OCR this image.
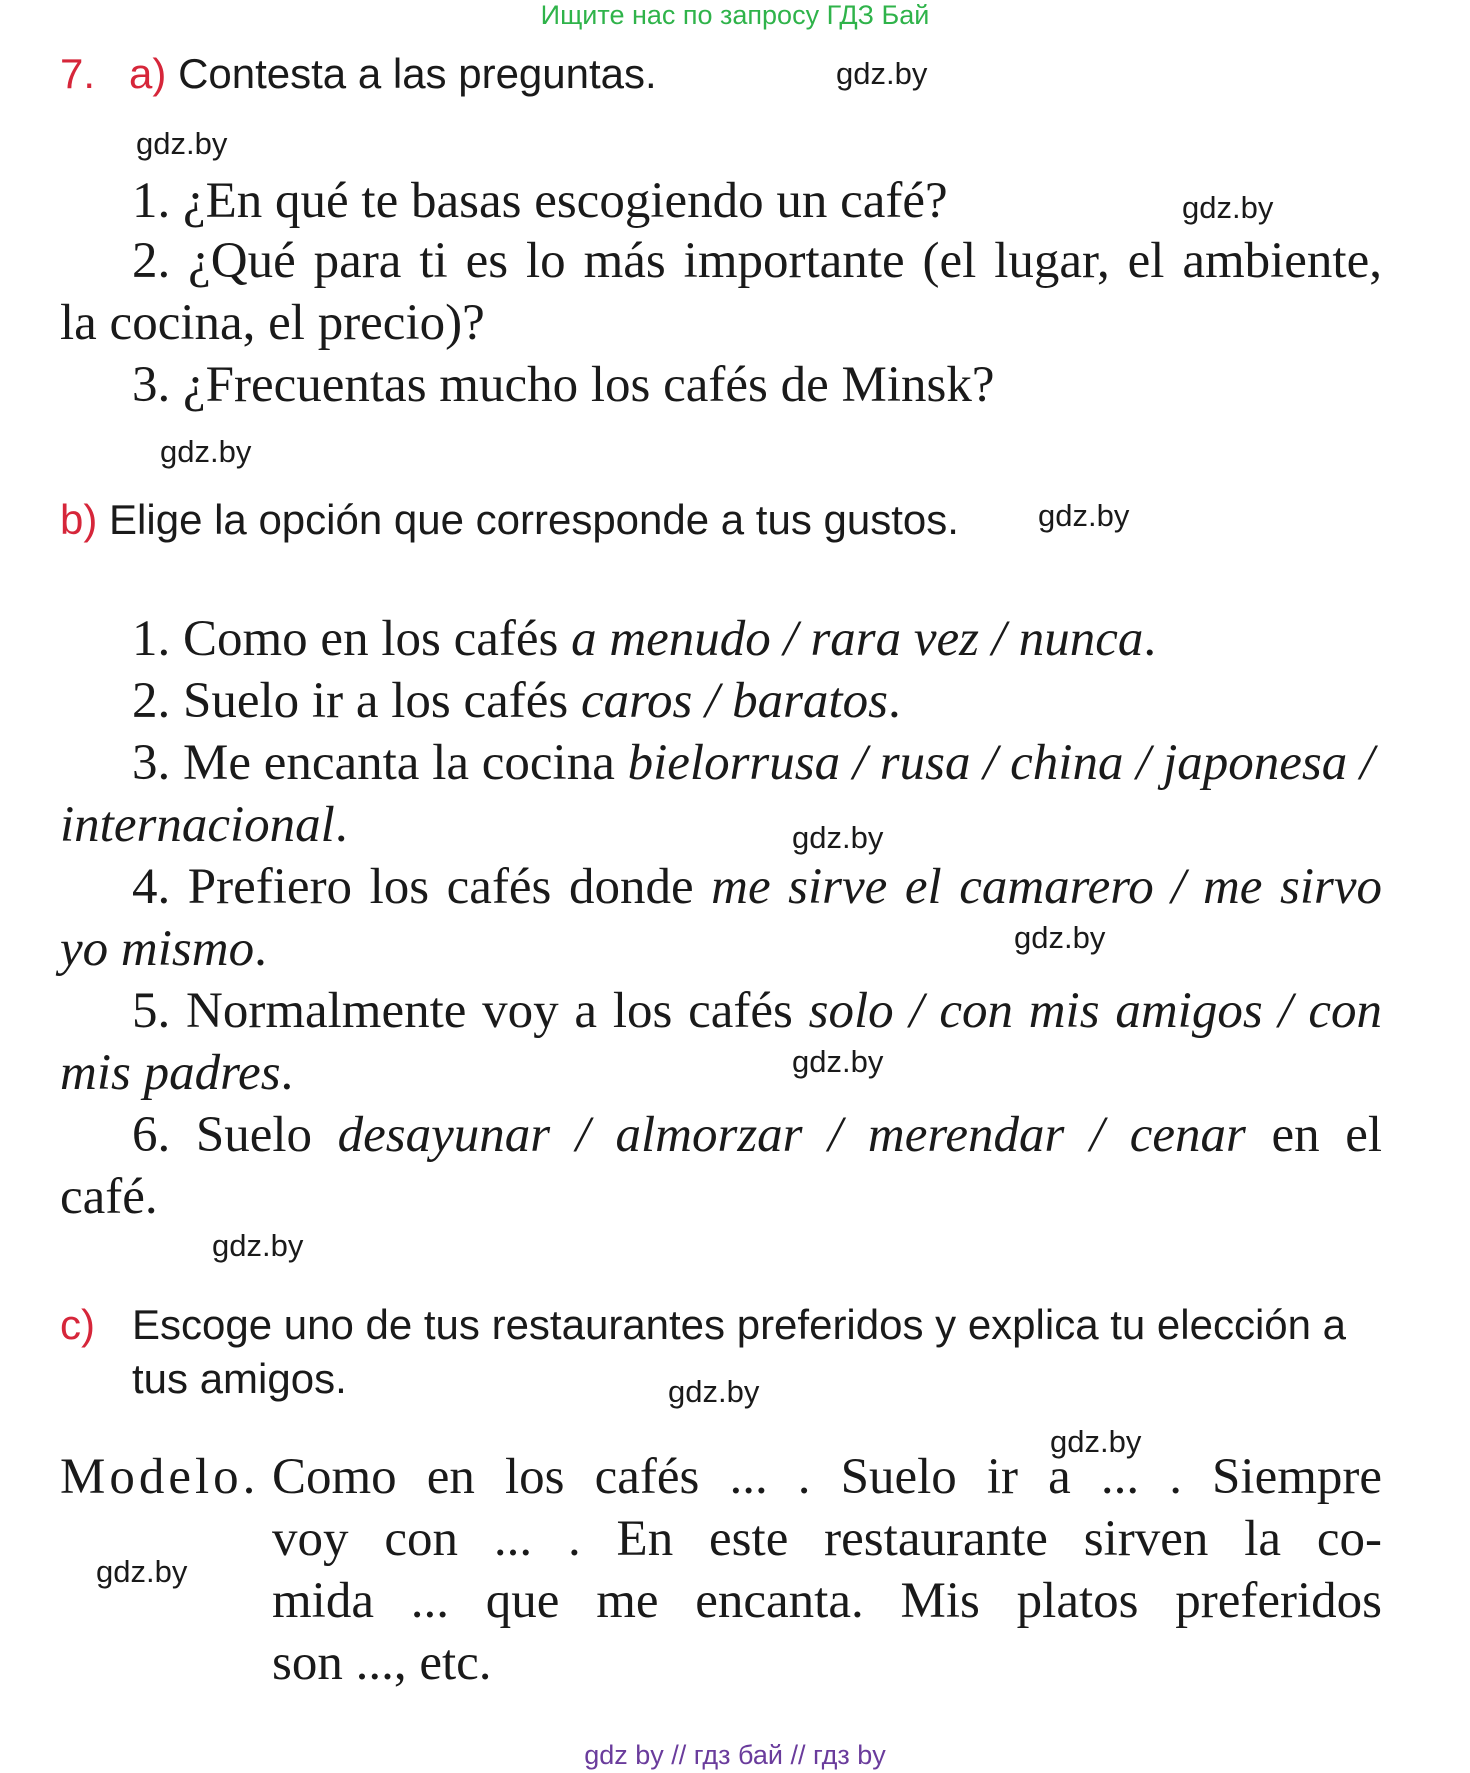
Ищите нас по запросу ГДЗ Бай
7. a) Contesta a las preguntas.
1. ¿En qué te basas escogiendo un café?
2. ¿Qué para ti es lo más importante (el lugar, el ambiente,
la cocina, el precio)?
3. ¿Frecuentas mucho los cafés de Minsk?
b) Elige la opción que corresponde a tus gustos.
1. Como en los cafés a menudo / rara vez / nunca.
2. Suelo ir a los cafés caros / baratos.
3. Me encanta la cocina bielorrusa / rusa / china / japonesa /
internacional.
4. Prefiero los cafés donde me sirve el camarero / me sirvo
yo mismo.
5. Normalmente voy a los cafés solo / con mis amigos / con
mis padres.
6. Suelo desayunar / almorzar / merendar / cenar en el
café.
c) Escoge uno de tus restaurantes preferidos y explica tu elección a tus amigos.
Modelo. Como en los cafés ... . Suelo ir a ... . Siempre
voy con ... . En este restaurante sirven la co-
mida ... que me encanta. Mis platos preferidos
son ..., etc.
gdz.by
gdz.by
gdz.by
gdz.by
gdz.by
gdz.by
gdz.by
gdz.by
gdz.by
gdz.by
gdz.by
gdz.by
gdz by // гдз бай // гдз by
